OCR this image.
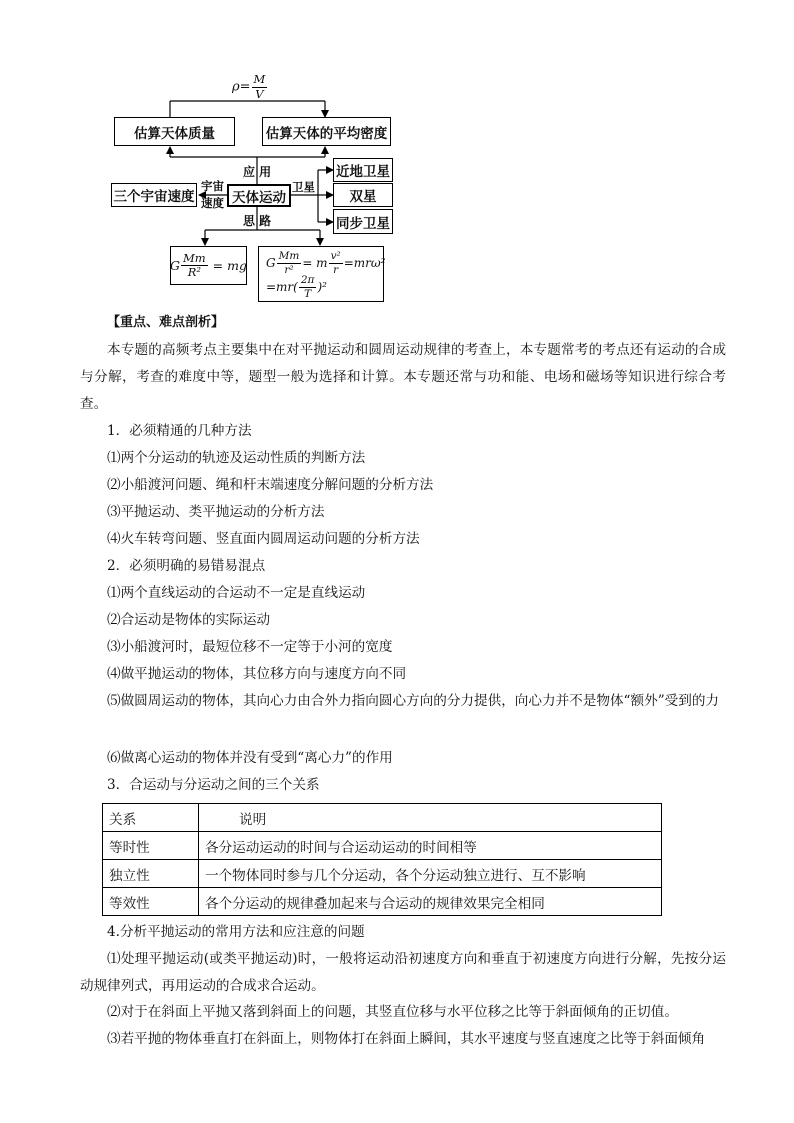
$\rho= \frac{M}{V}$
估算天体质量	估算天体的平均密度
应 用
三个宇宙速度
宇宙
速度 天体运动
卫星
近地卫星
双星
同步卫星
思 路
G $\frac{Mm}{\text{R²}}$ = mg G $\frac{Mm}{\text{r²}} = m \frac{\text{v²}}{r} =mr\omega^2$
$=mr( \frac{2\pi}{T} )^2$
【重点、难点剖析】
本专题的高频考点主要集中在对平抛运动和圆周运动规律的考查上，本专题常考的考点还有运动的合成与分解，考查的难度中等，题型一般为选择和计算。本专题还常与功和能、电场和磁场等知识进行综合考查。
1．必须精通的几种方法
⑴两个分运动的轨迹及运动性质的判断方法
⑵小船渡河问题、绳和杆末端速度分解问题的分析方法
⑶平抛运动、类平抛运动的分析方法
⑷火车转弯问题、竖直面内圆周运动问题的分析方法
2．必须明确的易错易混点
⑴两个直线运动的合运动不一定是直线运动
⑵合运动是物体的实际运动
⑶小船渡河时，最短位移不一定等于小河的宽度
⑷做平抛运动的物体，其位移方向与速度方向不同
⑸做圆周运动的物体，其向心力由合外力指向圆心方向的分力提供，向心力并不是物体“额外”受到的力
⑹做离心运动的物体并没有受到“离心力”的作用
3．合运动与分运动之间的三个关系
关系	说明
等时性	各分运动运动的时间与合运动运动的时间相等
独立性	一个物体同时参与几个分运动，各个分运动独立进行、互不影响
等效性	各个分运动的规律叠加起来与合运动的规律效果完全相同
4.分析平抛运动的常用方法和应注意的问题
⑴处理平抛运动(或类平抛运动)时，一般将运动沿初速度方向和垂直于初速度方向进行分解，先按分运动规律列式，再用运动的合成求合运动。
⑵对于在斜面上平抛又落到斜面上的问题，其竖直位移与水平位移之比等于斜面倾角的正切值。
⑶若平抛的物体垂直打在斜面上，则物体打在斜面上瞬间，其水平速度与竖直速度之比等于斜面倾角
